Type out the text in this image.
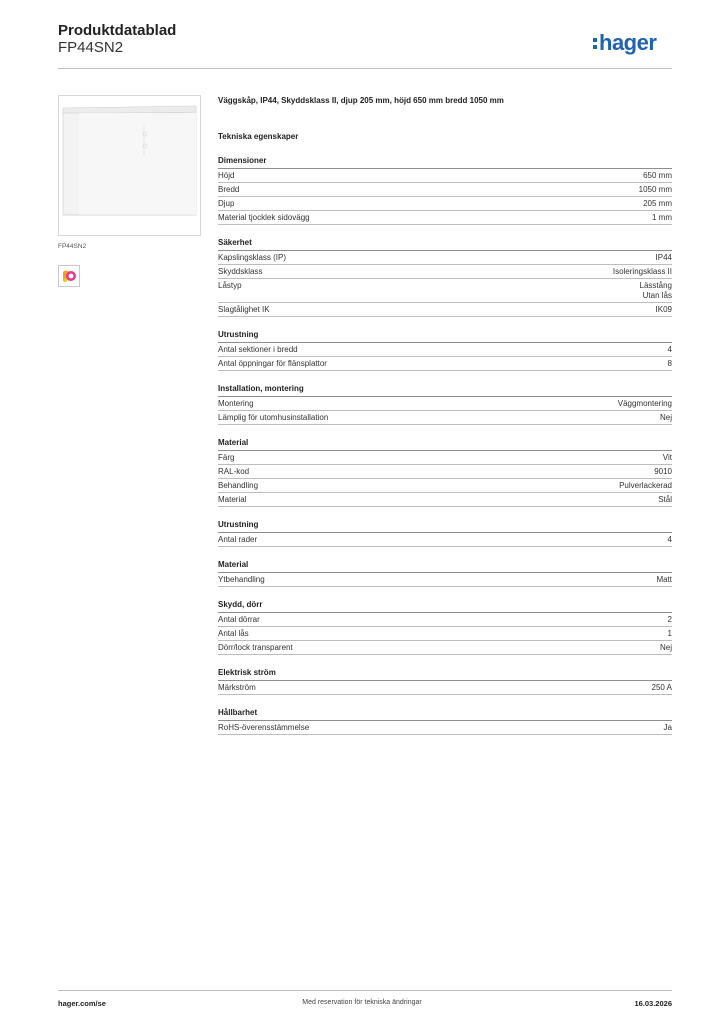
Produktdatablad
FP44SN2	hager
FP44SN2
Väggskåp, IP44, Skyddsklass II, djup 205 mm, höjd 650 mm bredd 1050 mm
Tekniska egenskaper
Dimensioner
Höjd	650 mm
Bredd	1050 mm
Djup	205 mm
Material tjocklek sidovägg	1 mm
Säkerhet
Kapslingsklass (IP)	IP44
Skyddsklass	Isoleringsklass II
Låstyp	Lässtång
Utan lås
Slagtålighet IK	IK09
Utrustning
Antal sektioner i bredd	4
Antal öppningar för flänsplattor	8
Installation, montering
Montering	Väggmontering
Lämplig för utomhusinstallation	Nej
Material
Färg	Vit
RAL-kod	9010
Behandling	Pulverlackerad
Material	Stål
Utrustning
Antal rader	4
Material
Ytbehandling	Matt
Skydd, dörr
Antal dörrar	2
Antal lås	1
Dörr/lock transparent	Nej
Elektrisk ström
Märkström	250 A
Hållbarhet
RoHS-överensstämmelse	Ja
hager.com/se	Med reservation för tekniska ändringar	16.03.2026
